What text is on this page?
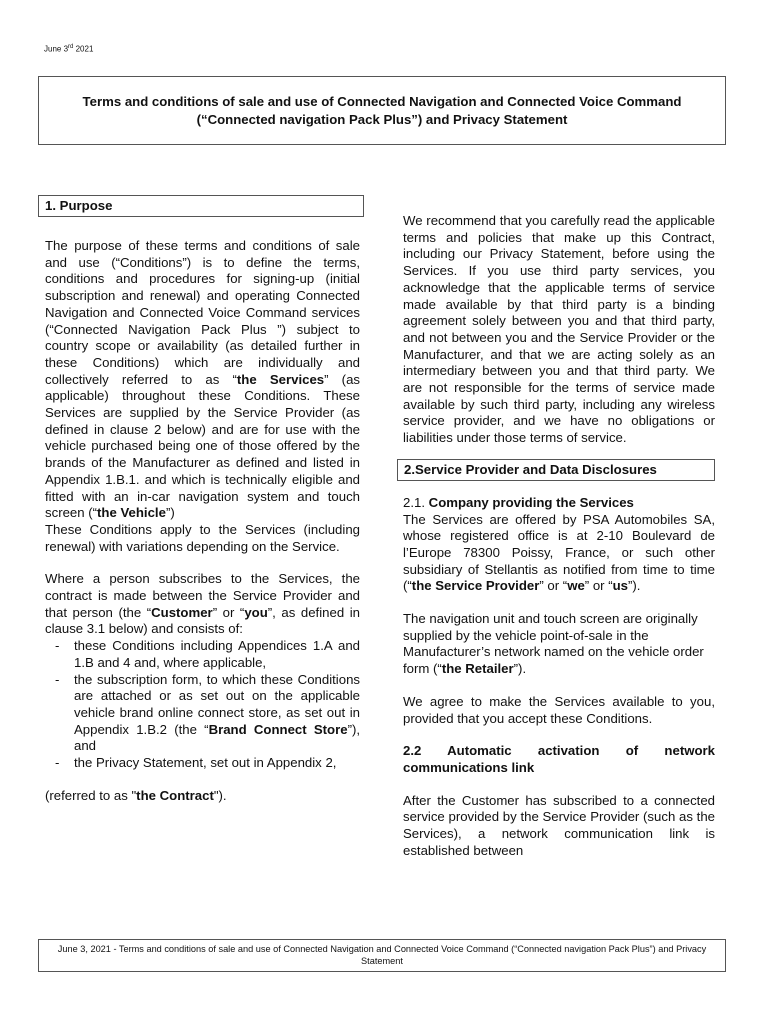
June 3rd 2021
Terms and conditions of sale and use of Connected Navigation and Connected Voice Command (“Connected navigation Pack Plus”) and Privacy Statement
1. Purpose

The purpose of these terms and conditions of sale and use (“Conditions”) is to define the terms, conditions and procedures for signing-up (initial subscription and renewal) and operating Connected Navigation and Connected Voice Command services (“Connected Navigation Pack Plus ”) subject to country scope or availability (as detailed further in these Conditions) which are individually and collectively referred to as “the Services” (as applicable) throughout these Conditions. These Services are supplied by the Service Provider (as defined in clause 2 below) and are for use with the vehicle purchased being one of those offered by the brands of the Manufacturer as defined and listed in Appendix 1.B.1. and which is technically eligible and fitted with an in-car navigation system and touch screen (“the Vehicle”)

These Conditions apply to the Services (including renewal) with variations depending on the Service.

Where a person subscribes to the Services, the contract is made between the Service Provider and that person (the “Customer” or “you”, as defined in clause 3.1 below) and consists of:

- these Conditions including Appendices 1.A and 1.B and 4 and, where applicable,
- the subscription form, to which these Conditions are attached or as set out on the applicable vehicle brand online connect store, as set out in Appendix 1.B.2 (the “Brand Connect Store”), and
- the Privacy Statement, set out in Appendix 2,

(referred to as "the Contract").

We recommend that you carefully read the applicable terms and policies that make up this Contract, including our Privacy Statement, before using the Services. If you use third party services, you acknowledge that the applicable terms of service made available by that third party is a binding agreement solely between you and that third party, and not between you and the Service Provider or the Manufacturer, and that we are acting solely as an intermediary between you and that third party. We are not responsible for the terms of service made available by such third party, including any wireless service provider, and we have no obligations or liabilities under those terms of service.

2.Service Provider and Data Disclosures

2.1. Company providing the Services

The Services are offered by PSA Automobiles SA, whose registered office is at 2-10 Boulevard de l’Europe 78300 Poissy, France, or such other subsidiary of Stellantis as notified from time to time (“the Service Provider” or “we” or “us”).

The navigation unit and touch screen are originally supplied by the vehicle point-of-sale in the Manufacturer’s network named on the vehicle order form (“the Retailer”).

We agree to make the Services available to you, provided that you accept these Conditions.

2.2 Automatic activation of network communications link

After the Customer has subscribed to a connected service provided by the Service Provider (such as the Services), a network communication link is established between

June 3, 2021 - Terms and conditions of sale and use of Connected Navigation and Connected Voice Command (“Connected navigation Pack Plus”) and Privacy Statement
